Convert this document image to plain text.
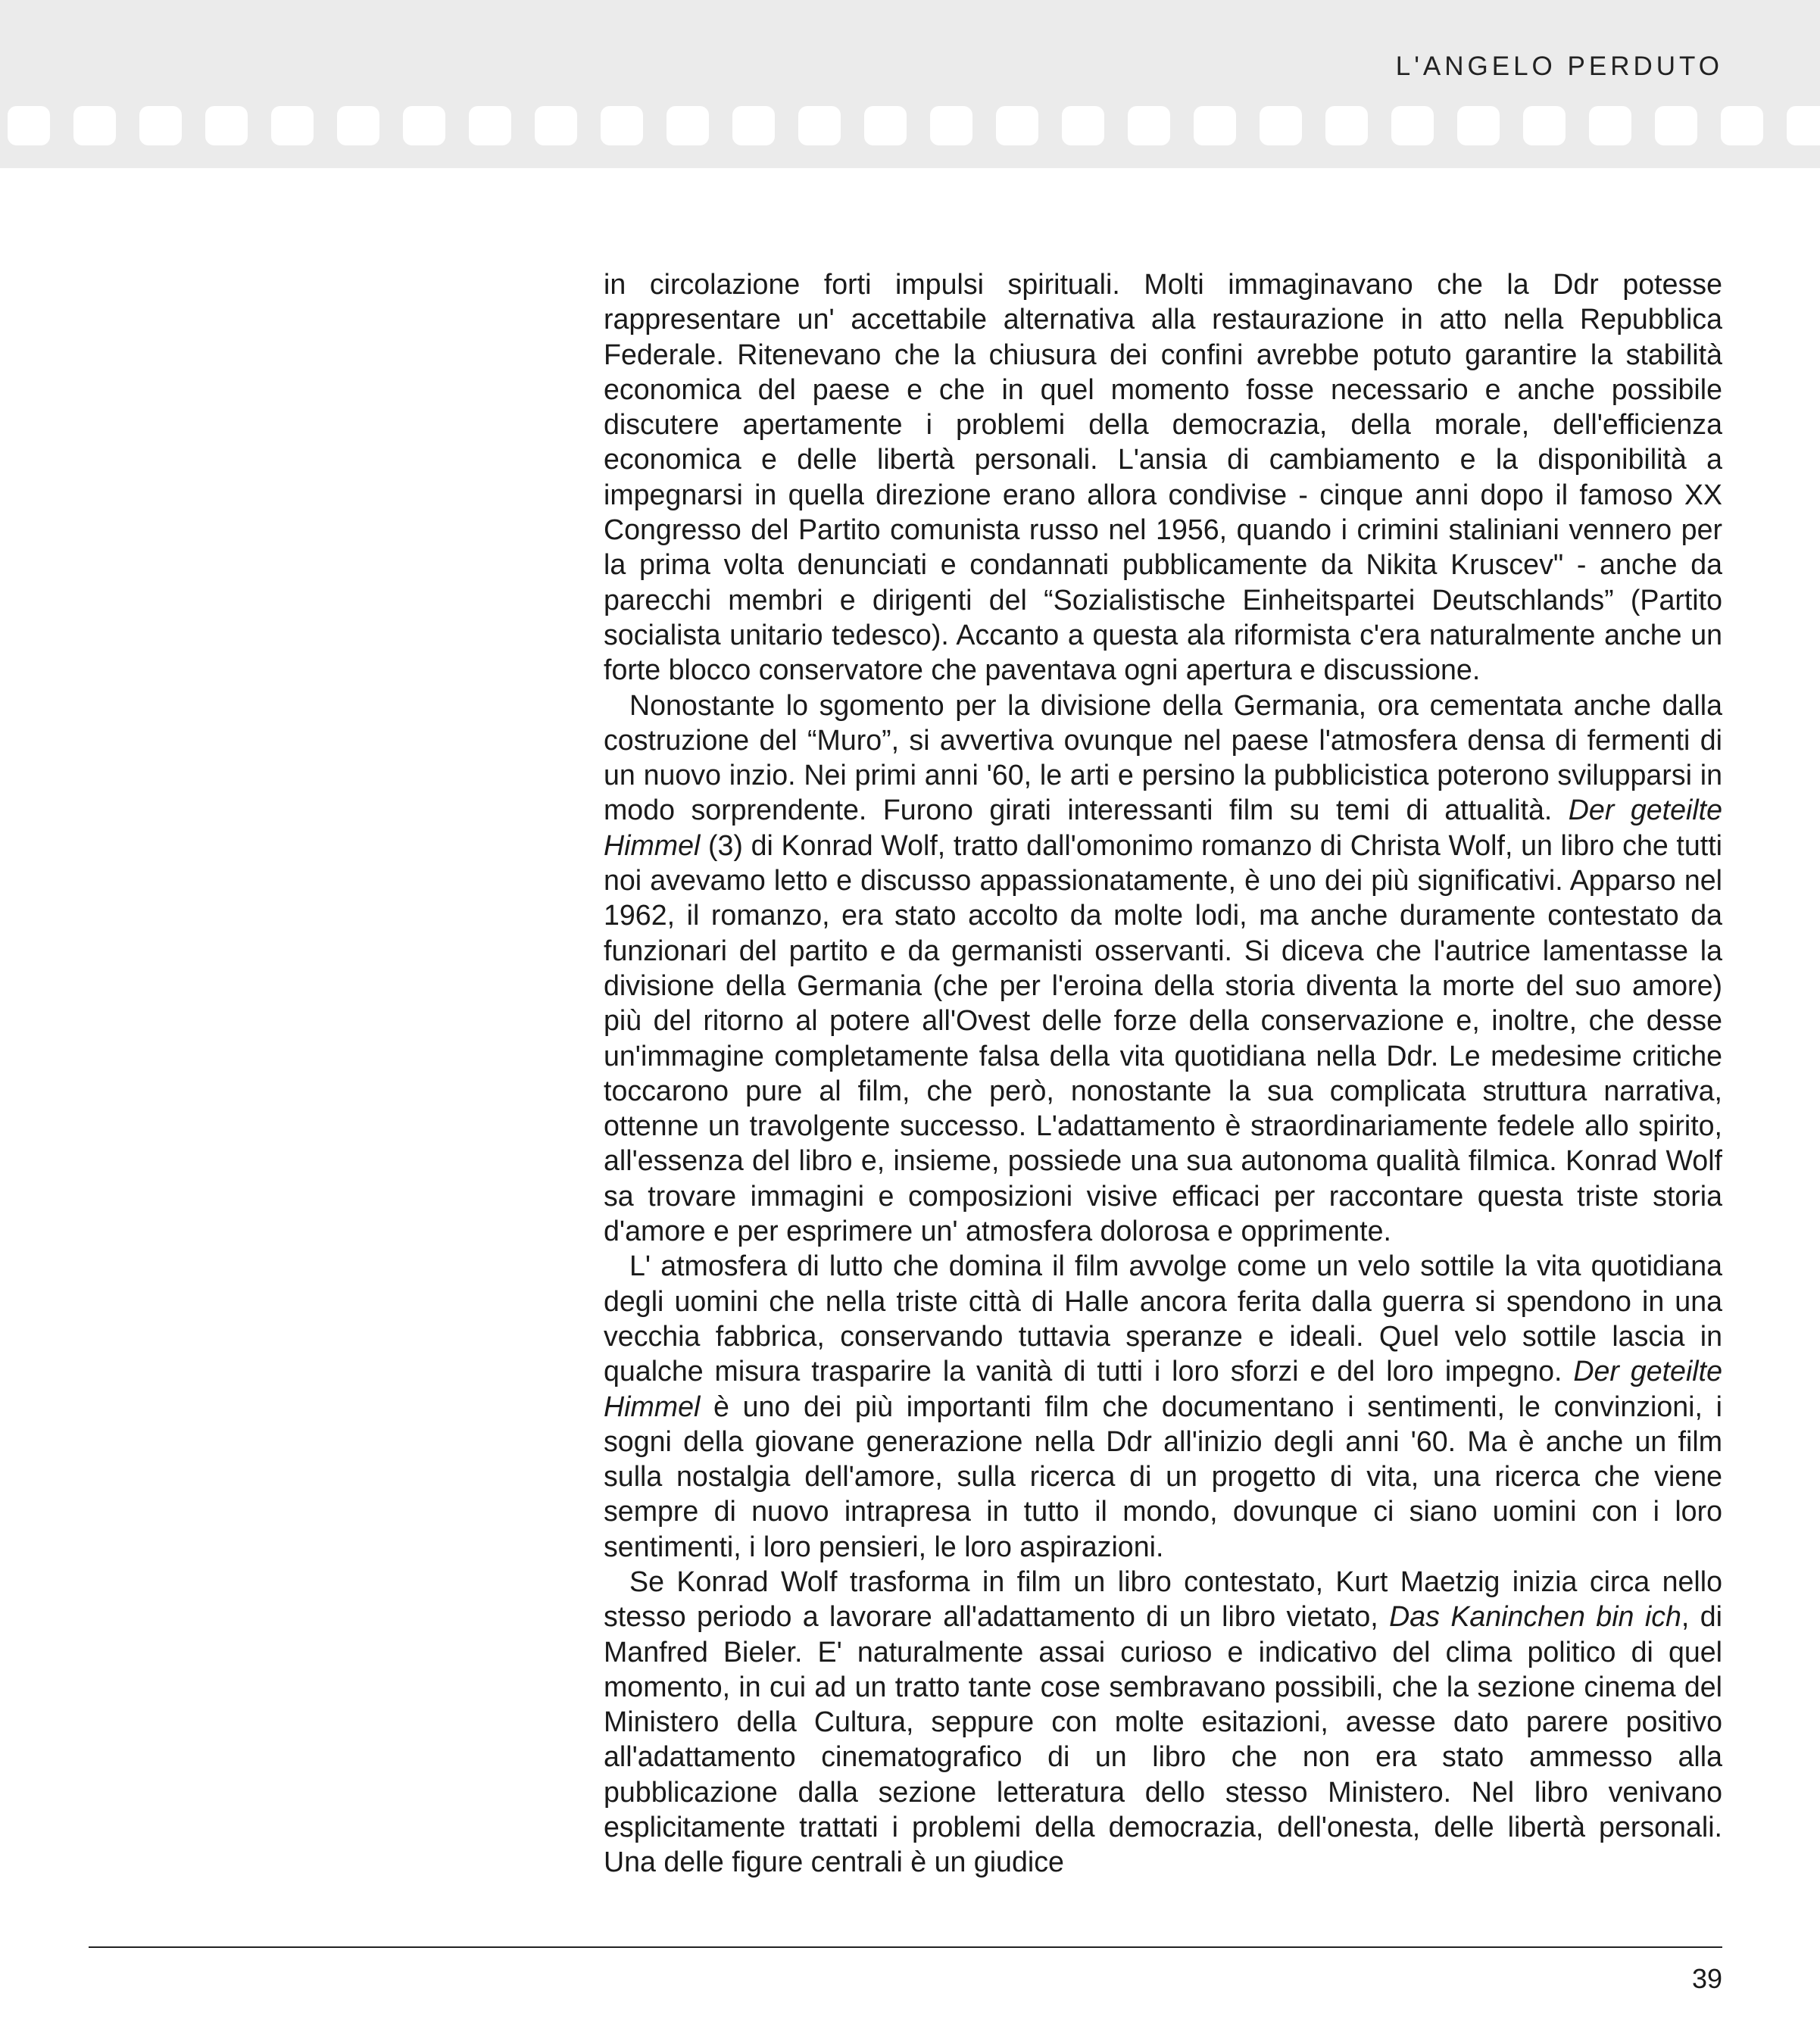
L'ANGELO PERDUTO

in circolazione forti impulsi spirituali. Molti immaginavano che la Ddr potesse rappresentare un' accettabile alternativa alla restaurazione in atto nella Repubblica Federale. Ritenevano che la chiusura dei confini avrebbe potuto garantire la stabilità economica del paese e che in quel momento fosse necessario e anche possibile discutere apertamente i problemi della democrazia, della morale, dell'efficienza economica e delle libertà personali. L'ansia di cambiamento e la disponibilità a impegnarsi in quella direzione erano allora condivise - cinque anni dopo il famoso XX Congresso del Partito comunista russo nel 1956, quando i crimini staliniani vennero per la prima volta denunciati e condannati pubblicamente da Nikita Kruscev" - anche da parecchi membri e dirigenti del “Sozialistische Einheitspartei Deutschlands” (Partito socialista unitario tedesco). Accanto a questa ala riformista c'era naturalmente anche un forte blocco conservatore che paventava ogni apertura e discussione.

Nonostante lo sgomento per la divisione della Germania, ora cementata anche dalla costruzione del “Muro”, si avvertiva ovunque nel paese l'atmosfera densa di fermenti di un nuovo inzio. Nei primi anni '60, le arti e persino la pubblicistica poterono svilupparsi in modo sorprendente. Furono girati interessanti film su temi di attualità. Der geteilte Himmel (3) di Konrad Wolf, tratto dall'omonimo romanzo di Christa Wolf, un libro che tutti noi avevamo letto e discusso appassionatamente, è uno dei più significativi. Apparso nel 1962, il romanzo, era stato accolto da molte lodi, ma anche duramente contestato da funzionari del partito e da germanisti osservanti. Si diceva che l'autrice lamentasse la divisione della Germania (che per l'eroina della storia diventa la morte del suo amore) più del ritorno al potere all'Ovest delle forze della conservazione e, inoltre, che desse un'immagine completamente falsa della vita quotidiana nella Ddr. Le medesime critiche toccarono pure al film, che però, nonostante la sua complicata struttura narrativa, ottenne un travolgente successo. L'adattamento è straordinariamente fedele allo spirito, all'essenza del libro e, insieme, possiede una sua autonoma qualità filmica. Konrad Wolf sa trovare immagini e composizioni visive efficaci per raccontare questa triste storia d'amore e per esprimere un' atmosfera dolorosa e opprimente.

L' atmosfera di lutto che domina il film avvolge come un velo sottile la vita quotidiana degli uomini che nella triste città di Halle ancora ferita dalla guerra si spendono in una vecchia fabbrica, conservando tuttavia speranze e ideali. Quel velo sottile lascia in qualche misura trasparire la vanità di tutti i loro sforzi e del loro impegno. Der geteilte Himmel è uno dei più importanti film che documentano i sentimenti, le convinzioni, i sogni della giovane generazione nella Ddr all'inizio degli anni '60. Ma è anche un film sulla nostalgia dell'amore, sulla ricerca di un progetto di vita, una ricerca che viene sempre di nuovo intrapresa in tutto il mondo, dovunque ci siano uomini con i loro sentimenti, i loro pensieri, le loro aspirazioni.

Se Konrad Wolf trasforma in film un libro contestato, Kurt Maetzig inizia circa nello stesso periodo a lavorare all'adattamento di un libro vietato, Das Kaninchen bin ich, di Manfred Bieler. E' naturalmente assai curioso e indicativo del clima politico di quel momento, in cui ad un tratto tante cose sembravano possibili, che la sezione cinema del Ministero della Cultura, seppure con molte esitazioni, avesse dato parere positivo all'adattamento cinematografico di un libro che non era stato ammesso alla pubblicazione dalla sezione letteratura dello stesso Ministero. Nel libro venivano esplicitamente trattati i problemi della democrazia, dell'onesta, delle libertà personali. Una delle figure centrali è un giudice

39
